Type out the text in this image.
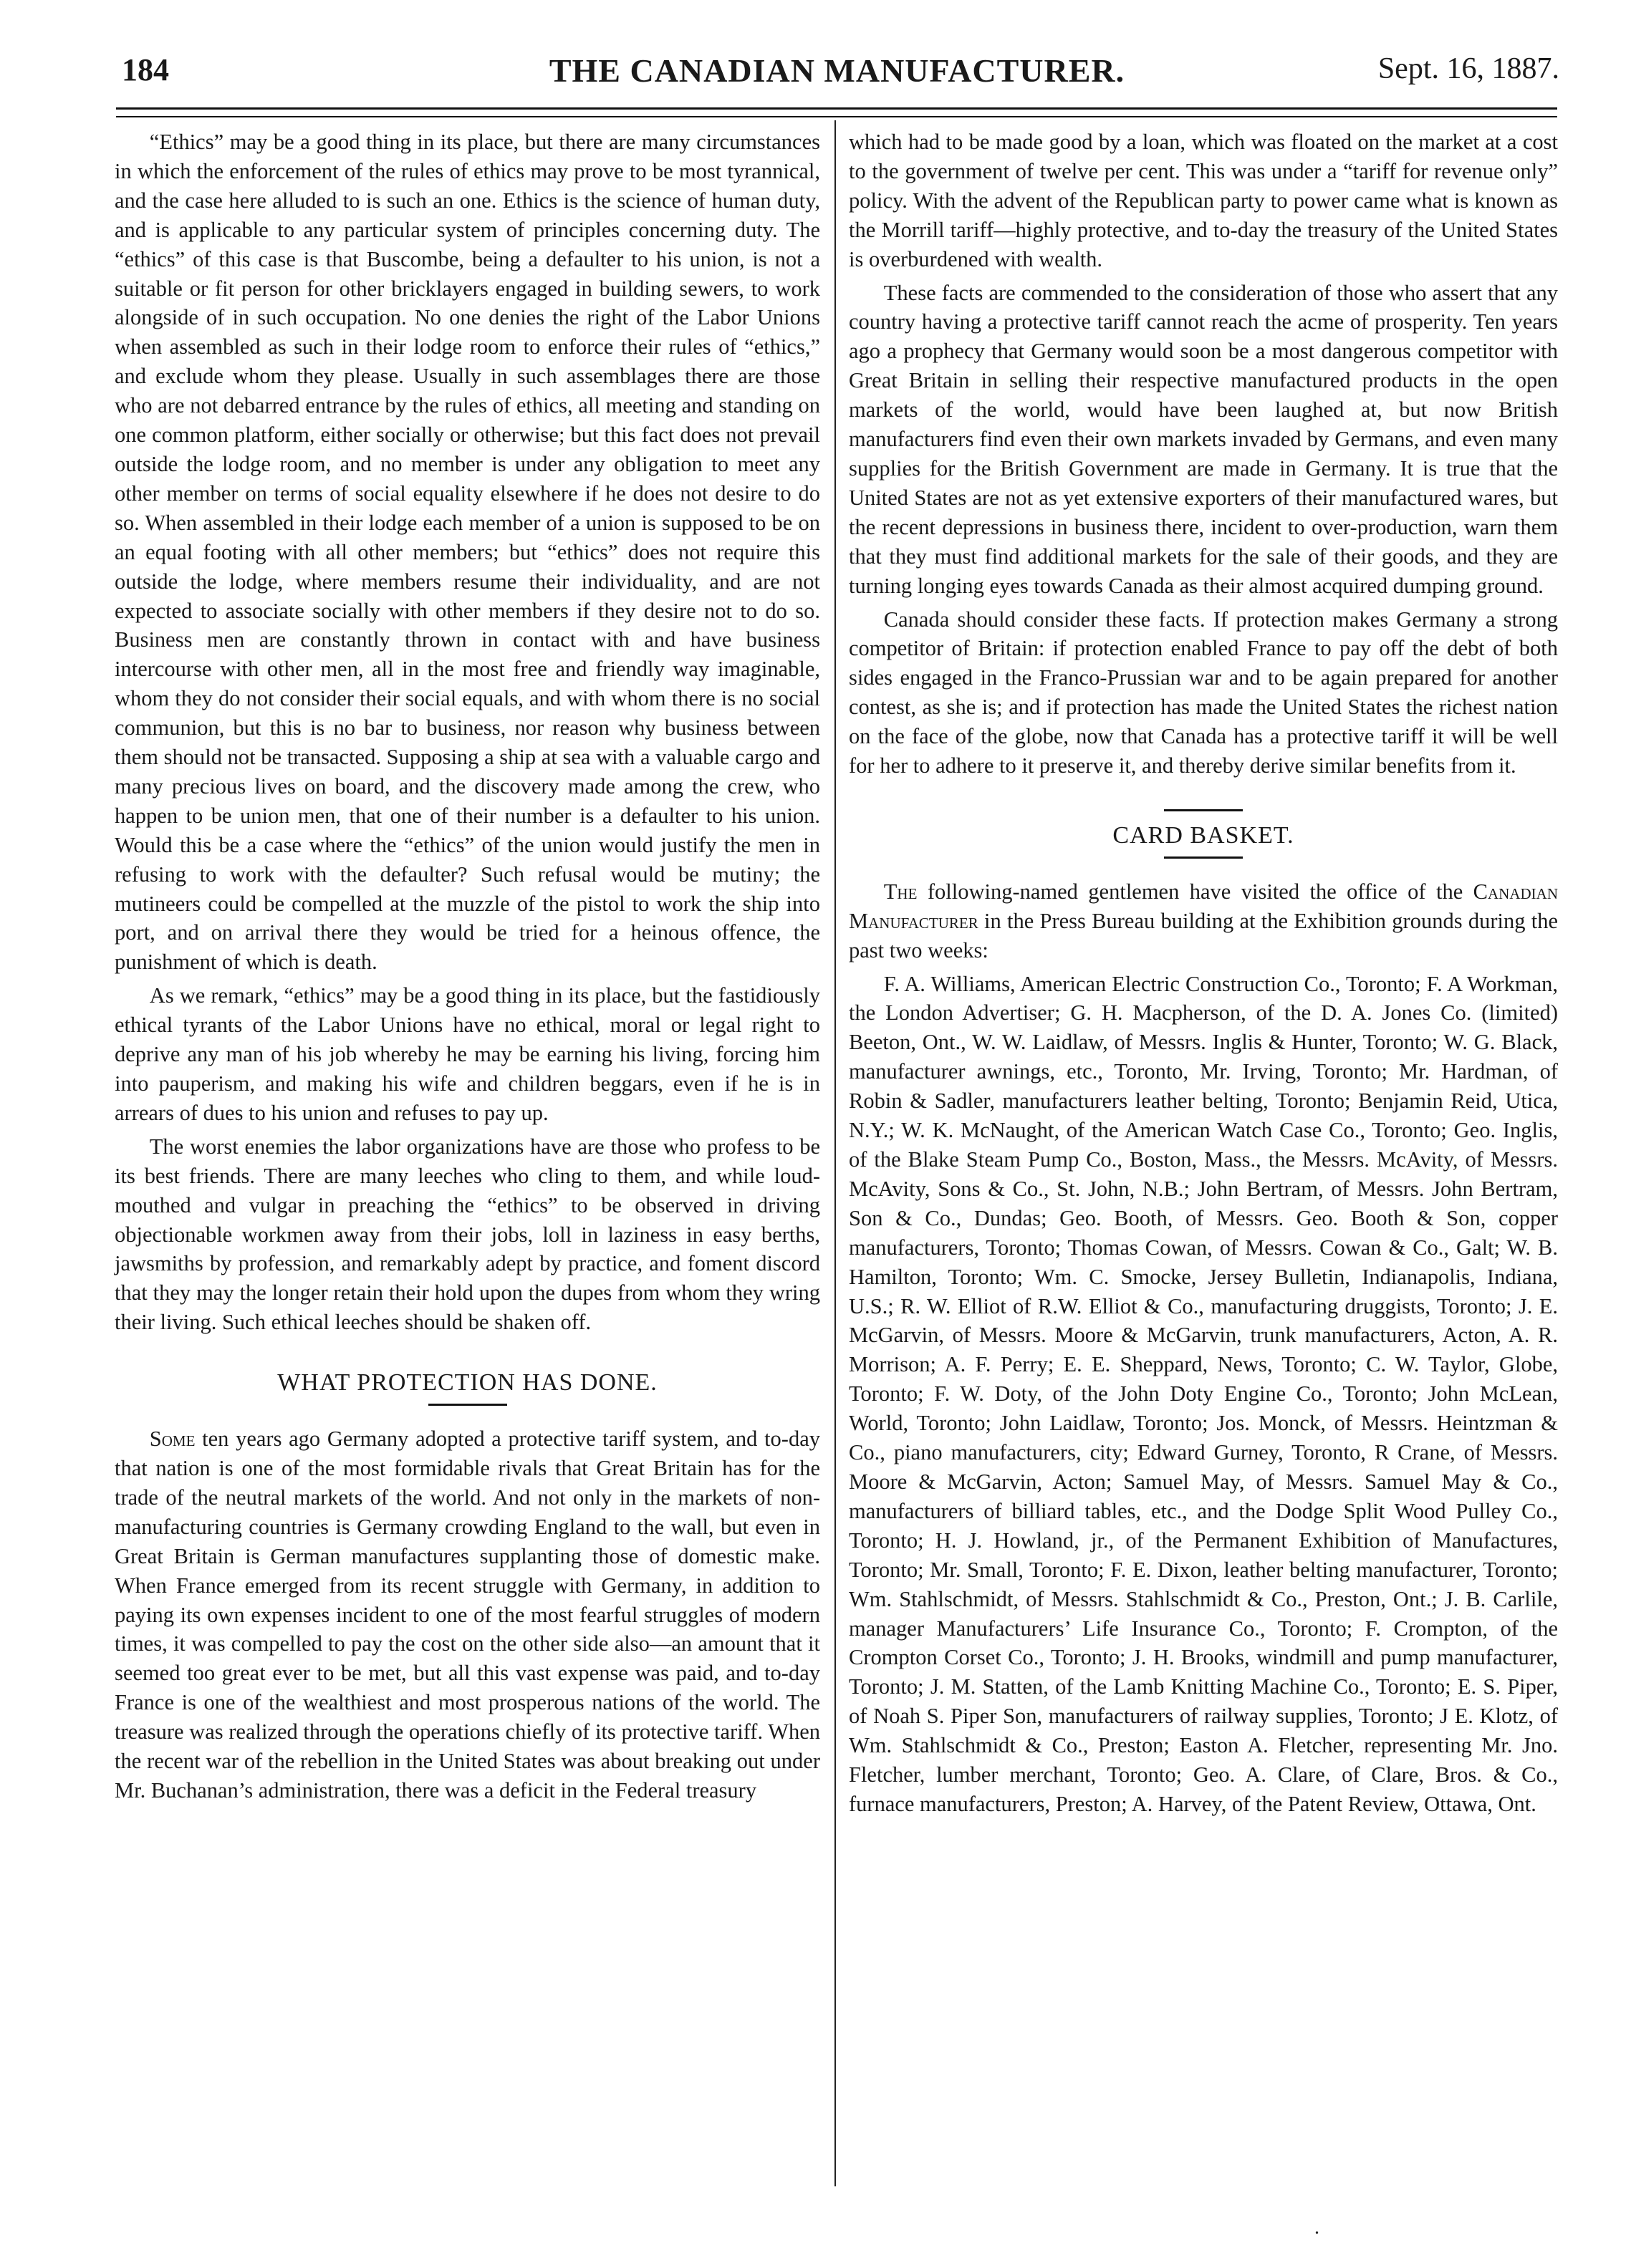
184	THE CANADIAN MANUFACTURER.	Sept. 16, 1887.

“Ethics” may be a good thing in its place, but there are many circumstances in which the enforcement of the rules of ethics may prove to be most tyrannical, and the case here alluded to is such an one. Ethics is the science of human duty, and is applicable to any particular system of principles concerning duty. The “ethics” of this case is that Buscombe, being a defaulter to his union, is not a suitable or fit person for other bricklayers engaged in building sewers, to work alongside of in such occupation. No one denies the right of the Labor Unions when assembled as such in their lodge room to enforce their rules of “ethics,” and exclude whom they please. Usually in such assemblages there are those who are not debarred entrance by the rules of ethics, all meeting and standing on one common platform, either socially or otherwise; but this fact does not prevail outside the lodge room, and no member is under any obligation to meet any other member on terms of social equality elsewhere if he does not desire to do so. When assembled in their lodge each member of a union is supposed to be on an equal footing with all other members; but “ethics” does not require this outside the lodge, where members resume their individuality, and are not expected to associate socially with other members if they desire not to do so. Business men are constantly thrown in contact with and have business intercourse with other men, all in the most free and friendly way imaginable, whom they do not consider their social equals, and with whom there is no social communion, but this is no bar to business, nor reason why business between them should not be transacted. Supposing a ship at sea with a valuable cargo and many precious lives on board, and the discovery made among the crew, who happen to be union men, that one of their number is a defaulter to his union. Would this be a case where the “ethics” of the union would justify the men in refusing to work with the defaulter? Such refusal would be mutiny; the mutineers could be compelled at the muzzle of the pistol to work the ship into port, and on arrival there they would be tried for a heinous offence, the punishment of which is death.

As we remark, “ethics” may be a good thing in its place, but the fastidiously ethical tyrants of the Labor Unions have no ethical, moral or legal right to deprive any man of his job whereby he may be earning his living, forcing him into pauperism, and making his wife and children beggars, even if he is in arrears of dues to his union and refuses to pay up.

The worst enemies the labor organizations have are those who profess to be its best friends. There are many leeches who cling to them, and while loud-mouthed and vulgar in preaching the “ethics” to be observed in driving objectionable workmen away from their jobs, loll in laziness in easy berths, jawsmiths by profession, and remarkably adept by practice, and foment discord that they may the longer retain their hold upon the dupes from whom they wring their living. Such ethical leeches should be shaken off.

WHAT PROTECTION HAS DONE.

Some ten years ago Germany adopted a protective tariff system, and to-day that nation is one of the most formidable rivals that Great Britain has for the trade of the neutral markets of the world. And not only in the markets of non-manufacturing countries is Germany crowding England to the wall, but even in Great Britain is German manufactures supplanting those of domestic make. When France emerged from its recent struggle with Germany, in addition to paying its own expenses incident to one of the most fearful struggles of modern times, it was compelled to pay the cost on the other side also—an amount that it seemed too great ever to be met, but all this vast expense was paid, and to-day France is one of the wealthiest and most prosperous nations of the world. The treasure was realized through the operations chiefly of its protective tariff. When the recent war of the rebellion in the United States was about breaking out under Mr. Buchanan’s administration, there was a deficit in the Federal treasury

which had to be made good by a loan, which was floated on the market at a cost to the government of twelve per cent. This was under a “tariff for revenue only” policy. With the advent of the Republican party to power came what is known as the Morrill tariff—highly protective, and to-day the treasury of the United States is overburdened with wealth.

These facts are commended to the consideration of those who assert that any country having a protective tariff cannot reach the acme of prosperity. Ten years ago a prophecy that Germany would soon be a most dangerous competitor with Great Britain in selling their respective manufactured products in the open markets of the world, would have been laughed at, but now British manufacturers find even their own markets invaded by Germans, and even many supplies for the British Government are made in Germany. It is true that the United States are not as yet extensive exporters of their manufactured wares, but the recent depressions in business there, incident to over-production, warn them that they must find additional markets for the sale of their goods, and they are turning longing eyes towards Canada as their almost acquired dumping ground.

Canada should consider these facts. If protection makes Germany a strong competitor of Britain: if protection enabled France to pay off the debt of both sides engaged in the Franco-Prussian war and to be again prepared for another contest, as she is; and if protection has made the United States the richest nation on the face of the globe, now that Canada has a protective tariff it will be well for her to adhere to it preserve it, and thereby derive similar benefits from it.

CARD BASKET.

The following-named gentlemen have visited the office of the Canadian Manufacturer in the Press Bureau building at the Exhibition grounds during the past two weeks:

F. A. Williams, American Electric Construction Co., Toronto; F. A Workman, the London Advertiser; G. H. Macpherson, of the D. A. Jones Co. (limited) Beeton, Ont., W. W. Laidlaw, of Messrs. Inglis & Hunter, Toronto; W. G. Black, manufacturer awnings, etc., Toronto, Mr. Irving, Toronto; Mr. Hardman, of Robin & Sadler, manufacturers leather belting, Toronto; Benjamin Reid, Utica, N.Y.; W. K. McNaught, of the American Watch Case Co., Toronto; Geo. Inglis, of the Blake Steam Pump Co., Boston, Mass., the Messrs. McAvity, of Messrs. McAvity, Sons & Co., St. John, N.B.; John Bertram, of Messrs. John Bertram, Son & Co., Dundas; Geo. Booth, of Messrs. Geo. Booth & Son, copper manufacturers, Toronto; Thomas Cowan, of Messrs. Cowan & Co., Galt; W. B. Hamilton, Toronto; Wm. C. Smocke, Jersey Bulletin, Indianapolis, Indiana, U.S.; R. W. Elliot of R.W. Elliot & Co., manufacturing druggists, Toronto; J. E. McGarvin, of Messrs. Moore & McGarvin, trunk manufacturers, Acton, A. R. Morrison; A. F. Perry; E. E. Sheppard, News, Toronto; C. W. Taylor, Globe, Toronto; F. W. Doty, of the John Doty Engine Co., Toronto; John McLean, World, Toronto; John Laidlaw, Toronto; Jos. Monck, of Messrs. Heintzman & Co., piano manufacturers, city; Edward Gurney, Toronto, R Crane, of Messrs. Moore & McGarvin, Acton; Samuel May, of Messrs. Samuel May & Co., manufacturers of billiard tables, etc., and the Dodge Split Wood Pulley Co., Toronto; H. J. Howland, jr., of the Permanent Exhibition of Manufactures, Toronto; Mr. Small, Toronto; F. E. Dixon, leather belting manufacturer, Toronto; Wm. Stahlschmidt, of Messrs. Stahlschmidt & Co., Preston, Ont.; J. B. Carlile, manager Manufacturers’ Life Insurance Co., Toronto; F. Crompton, of the Crompton Corset Co., Toronto; J. H. Brooks, windmill and pump manufacturer, Toronto; J. M. Statten, of the Lamb Knitting Machine Co., Toronto; E. S. Piper, of Noah S. Piper Son, manufacturers of railway supplies, Toronto; J E. Klotz, of Wm. Stahlschmidt & Co., Preston; Easton A. Fletcher, representing Mr. Jno. Fletcher, lumber merchant, Toronto; Geo. A. Clare, of Clare, Bros. & Co., furnace manufacturers, Preston; A. Harvey, of the Patent Review, Ottawa, Ont.

.
